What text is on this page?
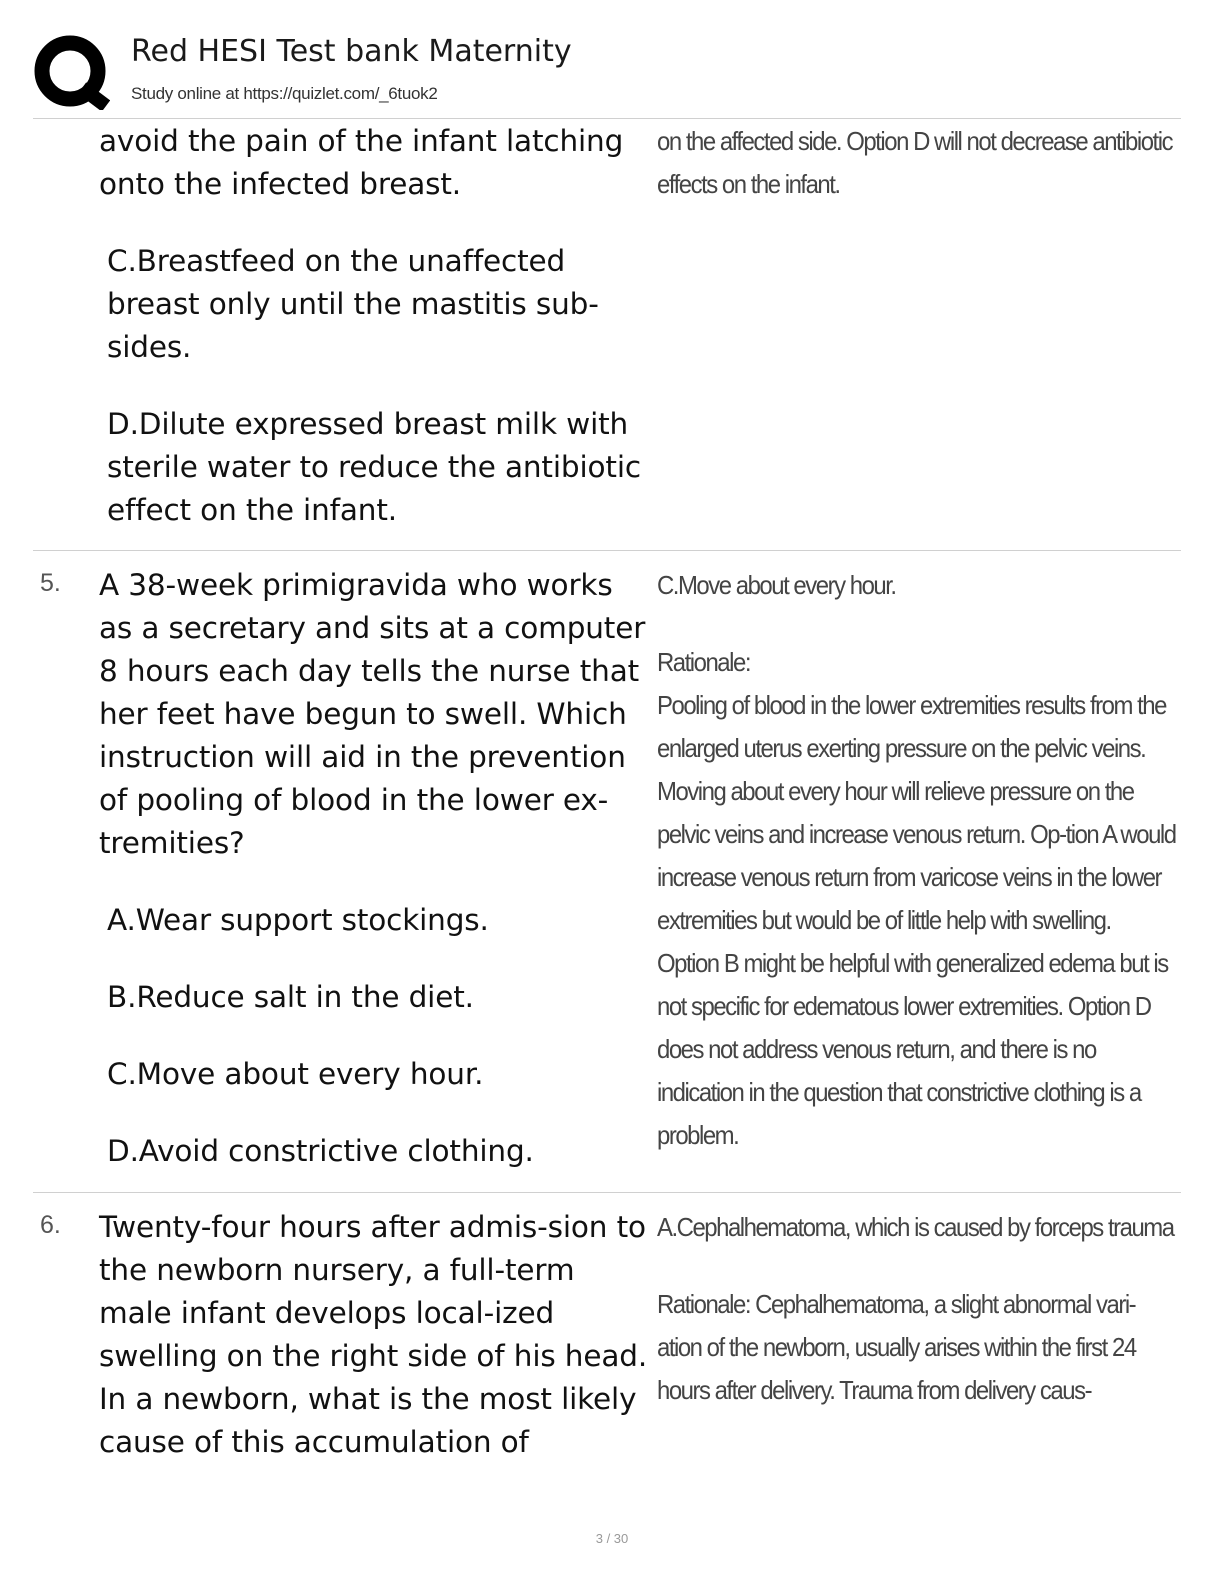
Red HESI Test bank Maternity
Study online at https://quizlet.com/_6tuok2

avoid the pain of the infant latching onto the infected breast.

C.Breastfeed on the unaffected breast only until the mastitis sub-sides.

D.Dilute expressed breast milk with sterile water to reduce the antibiotic effect on the infant.

on the affected side. Option D will not decrease antibiotic effects on the infant.

5. A 38-week primigravida who works as a secretary and sits at a computer 8 hours each day tells the nurse that her feet have begun to swell. Which instruction will aid in the prevention of pooling of blood in the lower ex-tremities?

A.Wear support stockings.

B.Reduce salt in the diet.

C.Move about every hour.

D.Avoid constrictive clothing.

C.Move about every hour.

Rationale:

Pooling of blood in the lower extremities results from the enlarged uterus exerting pressure on the pelvic veins. Moving about every hour will relieve pressure on the pelvic veins and increase venous return. Op-tion A would increase venous return from varicose veins in the lower extremities but would be of little help with swelling. Option B might be helpful with generalized edema but is not specific for edematous lower extremities. Option D does not address venous return, and there is no indication in the question that constrictive clothing is a problem.

6. Twenty-four hours after admis-sion to the newborn nursery, a full-term male infant develops local-ized swelling on the right side of his head. In a newborn, what is the most likely cause of this accumulation of

A.Cephalhematoma, which is caused by forceps trauma

Rationale: Cephalhematoma, a slight abnormal vari-ation of the newborn, usually arises within the first 24 hours after delivery. Trauma from delivery caus-

3 / 30
